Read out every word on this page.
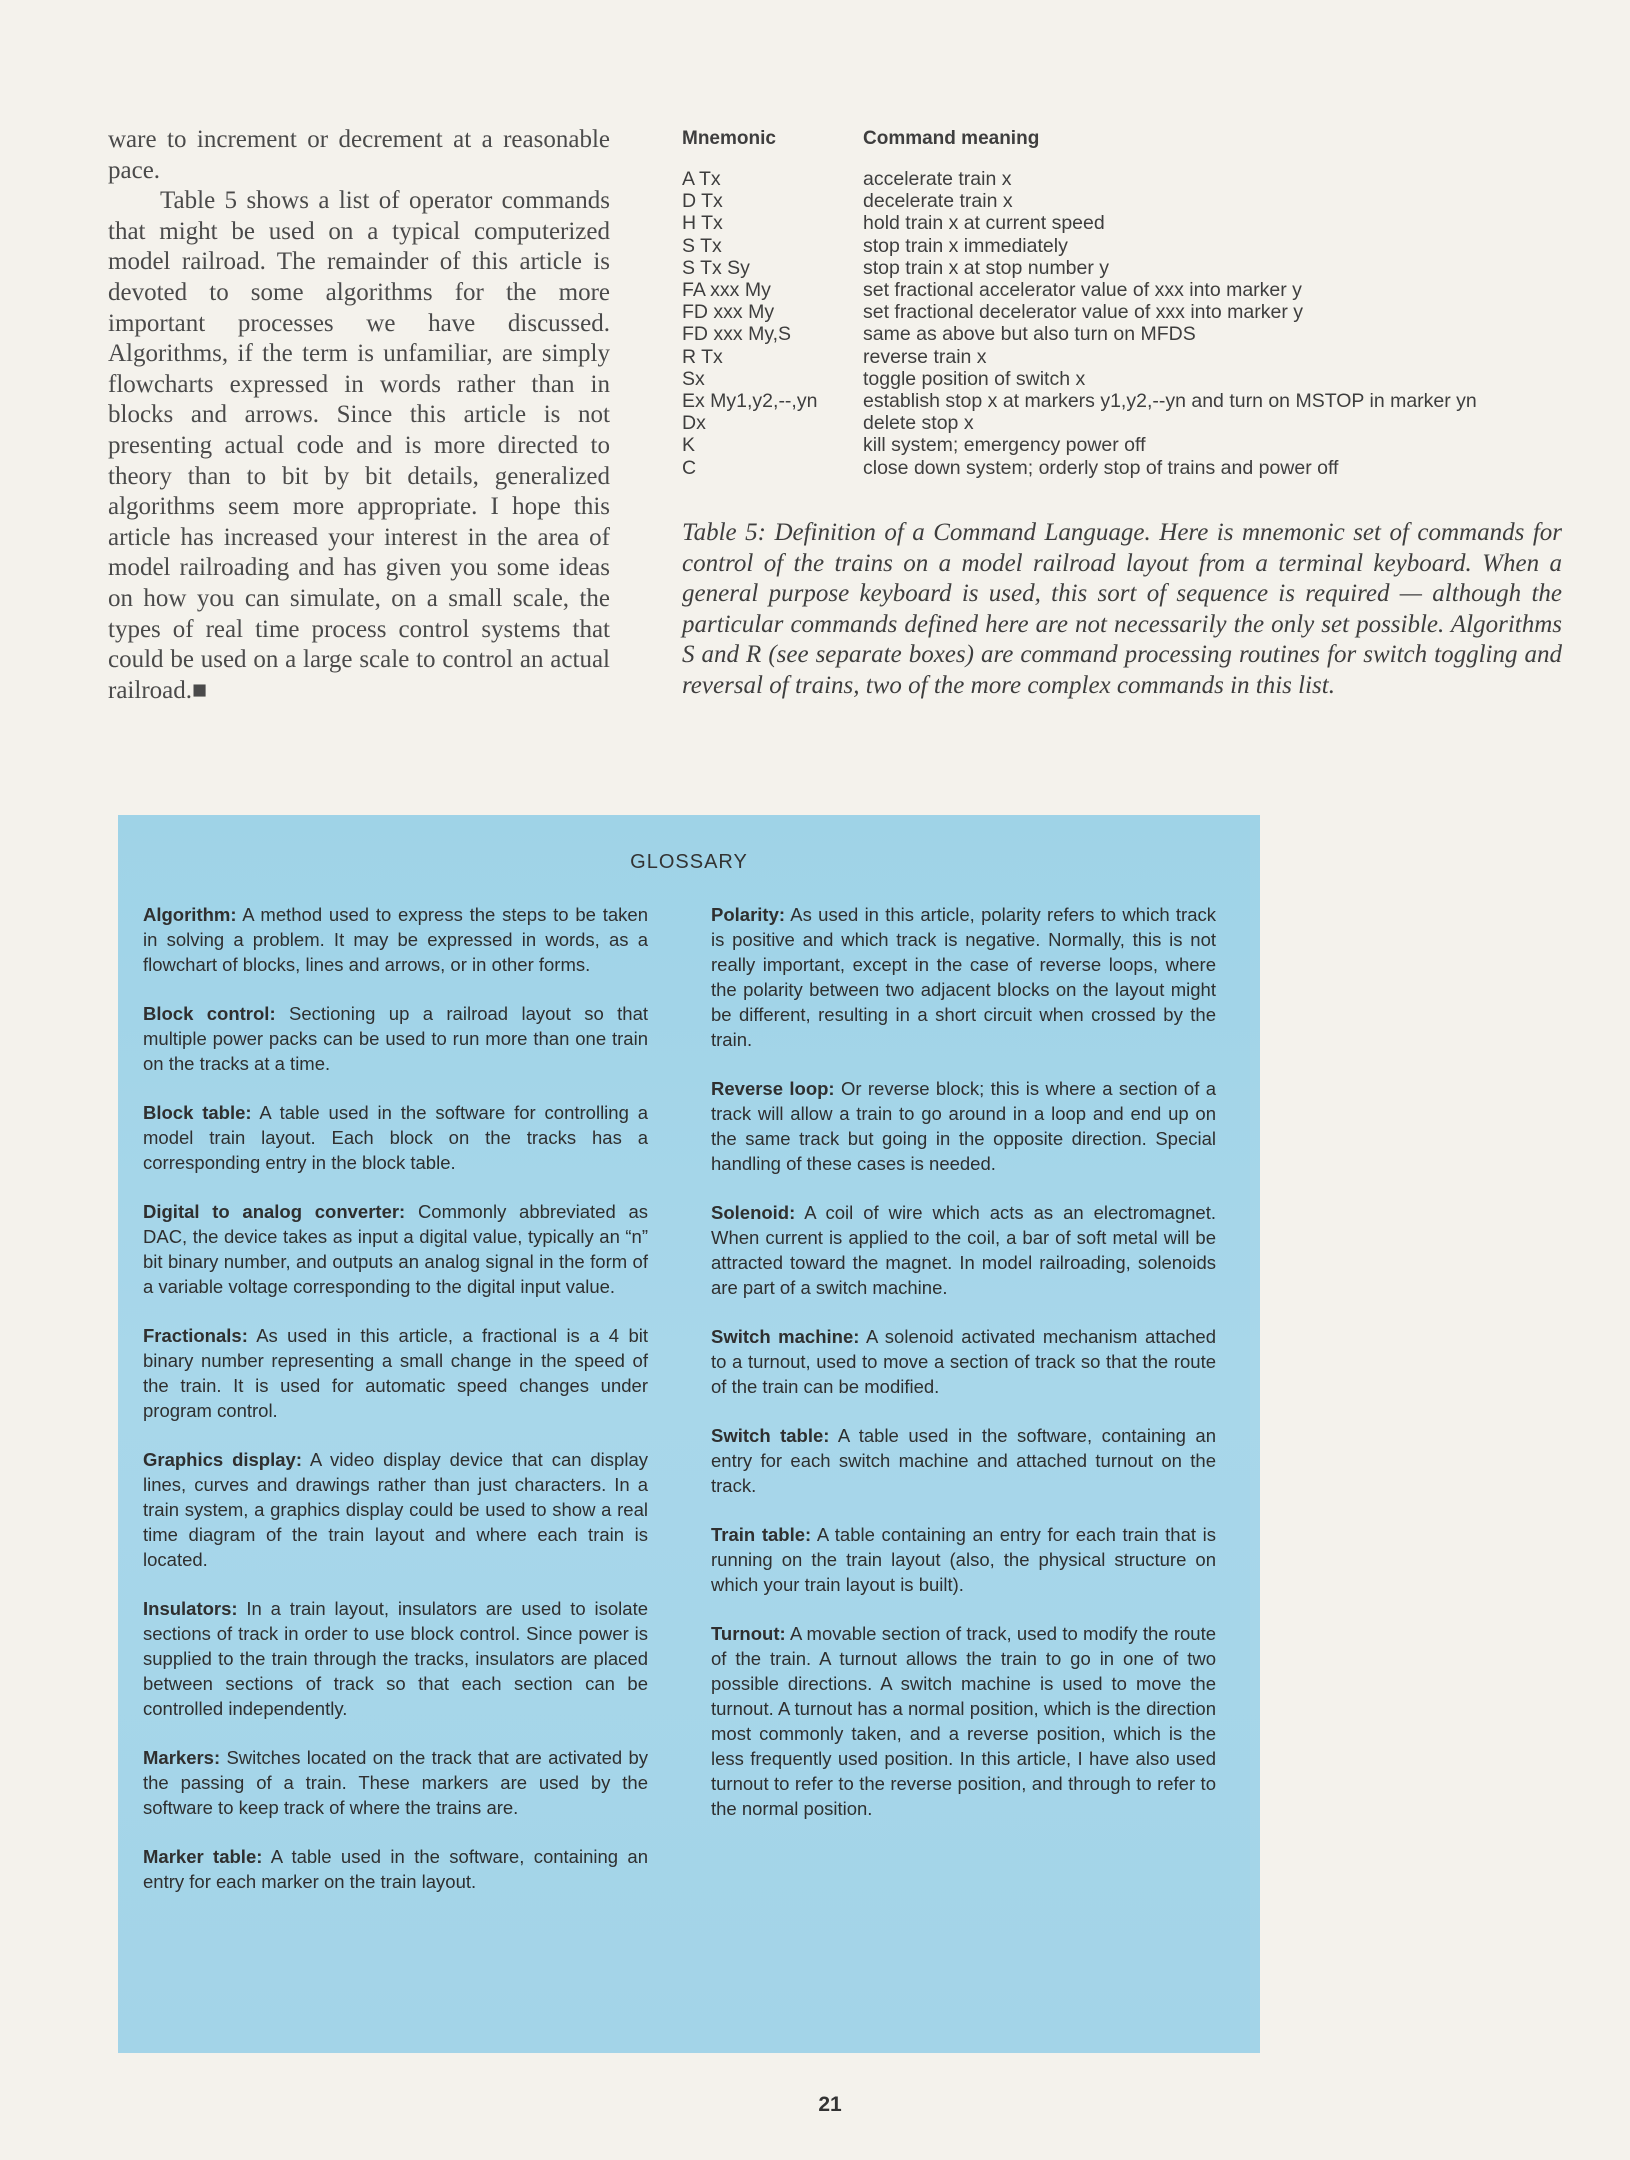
ware to increment or decrement at a reasonable pace.

Table 5 shows a list of operator commands that might be used on a typical computerized model railroad. The remainder of this article is devoted to some algorithms for the more important processes we have discussed. Algorithms, if the term is unfamiliar, are simply flowcharts expressed in words rather than in blocks and arrows. Since this article is not presenting actual code and is more directed to theory than to bit by bit details, generalized algorithms seem more appropriate. I hope this article has increased your interest in the area of model railroading and has given you some ideas on how you can simulate, on a small scale, the types of real time process control systems that could be used on a large scale to control an actual railroad.■

Mnemonic	Command meaning
A Tx	accelerate train x
D Tx	decelerate train x
H Tx	hold train x at current speed
S Tx	stop train x immediately
S Tx Sy	stop train x at stop number y
FA xxx My	set fractional accelerator value of xxx into marker y
FD xxx My	set fractional decelerator value of xxx into marker y
FD xxx My,S	same as above but also turn on MFDS
R Tx	reverse train x
Sx	toggle position of switch x
Ex My1,y2,--,yn	establish stop x at markers y1,y2,--yn and turn on MSTOP in marker yn
Dx	delete stop x
K	kill system; emergency power off
C	close down system; orderly stop of trains and power off

Table 5: Definition of a Command Language. Here is mnemonic set of commands for control of the trains on a model railroad layout from a terminal keyboard. When a general purpose keyboard is used, this sort of sequence is required — although the particular commands defined here are not necessarily the only set possible. Algorithms S and R (see separate boxes) are command processing routines for switch toggling and reversal of trains, two of the more complex commands in this list.

GLOSSARY

Algorithm: A method used to express the steps to be taken in solving a problem. It may be expressed in words, as a flowchart of blocks, lines and arrows, or in other forms.

Block control: Sectioning up a railroad layout so that multiple power packs can be used to run more than one train on the tracks at a time.

Block table: A table used in the software for controlling a model train layout. Each block on the tracks has a corresponding entry in the block table.

Digital to analog converter: Commonly abbreviated as DAC, the device takes as input a digital value, typically an “n” bit binary number, and outputs an analog signal in the form of a variable voltage corresponding to the digital input value.

Fractionals: As used in this article, a fractional is a 4 bit binary number representing a small change in the speed of the train. It is used for automatic speed changes under program control.

Graphics display: A video display device that can display lines, curves and drawings rather than just characters. In a train system, a graphics display could be used to show a real time diagram of the train layout and where each train is located.

Insulators: In a train layout, insulators are used to isolate sections of track in order to use block control. Since power is supplied to the train through the tracks, insulators are placed between sections of track so that each section can be controlled independently.

Markers: Switches located on the track that are activated by the passing of a train. These markers are used by the software to keep track of where the trains are.

Marker table: A table used in the software, containing an entry for each marker on the train layout.

Polarity: As used in this article, polarity refers to which track is positive and which track is negative. Normally, this is not really important, except in the case of reverse loops, where the polarity between two adjacent blocks on the layout might be different, resulting in a short circuit when crossed by the train.

Reverse loop: Or reverse block; this is where a section of a track will allow a train to go around in a loop and end up on the same track but going in the opposite direction. Special handling of these cases is needed.

Solenoid: A coil of wire which acts as an electromagnet. When current is applied to the coil, a bar of soft metal will be attracted toward the magnet. In model railroading, solenoids are part of a switch machine.

Switch machine: A solenoid activated mechanism attached to a turnout, used to move a section of track so that the route of the train can be modified.

Switch table: A table used in the software, containing an entry for each switch machine and attached turnout on the track.

Train table: A table containing an entry for each train that is running on the train layout (also, the physical structure on which your train layout is built).

Turnout: A movable section of track, used to modify the route of the train. A turnout allows the train to go in one of two possible directions. A switch machine is used to move the turnout. A turnout has a normal position, which is the direction most commonly taken, and a reverse position, which is the less frequently used position. In this article, I have also used turnout to refer to the reverse position, and through to refer to the normal position.

21
